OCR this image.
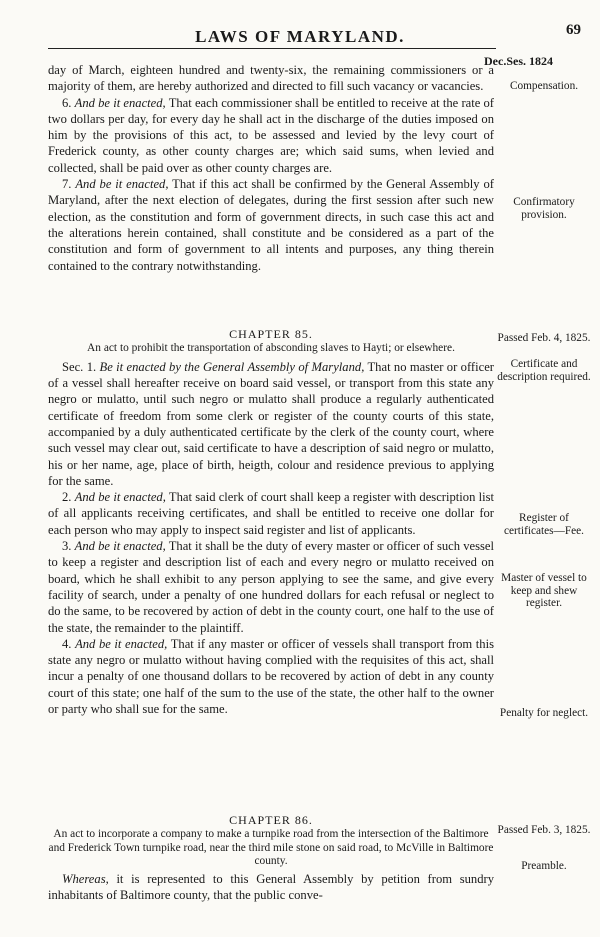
LAWS OF MARYLAND.	69
Dec.Ses. 1824

day of March, eighteen hundred and twenty-six, the remaining commissioners or a majority of them, are hereby authorized and directed to fill such vacancy or vacancies.

6. And be it enacted, That each commissioner shall be entitled to receive at the rate of two dollars per day, for every day he shall act in the discharge of the duties imposed on him by the provisions of this act, to be assessed and levied by the levy court of Frederick county, as other county charges are; which said sums, when levied and collected, shall be paid over as other county charges are.

7. And be it enacted, That if this act shall be confirmed by the General Assembly of Maryland, after the next election of delegates, during the first session after such new election, as the constitution and form of government directs, in such case this act and the alterations herein contained, shall constitute and be considered as a part of the constitution and form of government to all intents and purposes, any thing therein contained to the contrary notwithstanding.

CHAPTER 85.

An act to prohibit the transportation of absconding slaves to Hayti; or elsewhere.

Sec. 1. Be it enacted by the General Assembly of Maryland, That no master or officer of a vessel shall hereafter receive on board said vessel, or transport from this state any negro or mulatto, until such negro or mulatto shall produce a regularly authenticated certificate of freedom from some clerk or register of the county courts of this state, accompanied by a duly authenticated certificate by the clerk of the county court, where such vessel may clear out, said certificate to have a description of said negro or mulatto, his or her name, age, place of birth, heigth, colour and residence previous to applying for the same.

2. And be it enacted, That said clerk of court shall keep a register with description list of all applicants receiving certificates, and shall be entitled to receive one dollar for each person who may apply to inspect said register and list of applicants.

3. And be it enacted, That it shall be the duty of every master or officer of such vessel to keep a register and description list of each and every negro or mulatto received on board, which he shall exhibit to any person applying to see the same, and give every facility of search, under a penalty of one hundred dollars for each refusal or neglect to do the same, to be recovered by action of debt in the county court, one half to the use of the state, the remainder to the plaintiff.

4. And be it enacted, That if any master or officer of vessels shall transport from this state any negro or mulatto without having complied with the requisites of this act, shall incur a penalty of one thousand dollars to be recovered by action of debt in any county court of this state; one half of the sum to the use of the state, the other half to the owner or party who shall sue for the same.

CHAPTER 86.

An act to incorporate a company to make a turnpike road from the intersection of the Baltimore and Frederick Town turnpike road, near the third mile stone on said road, to McVille in Baltimore county.

Whereas, it is represented to this General Assembly by petition from sundry inhabitants of Baltimore county, that the public conve-

Compensation.
Confirmatory provision.
Passed Feb. 4, 1825.
Certificate and description required.
Register of certificates—Fee.
Master of vessel to keep and shew register.
Penalty for neglect.
Passed Feb. 3, 1825.
Preamble.
